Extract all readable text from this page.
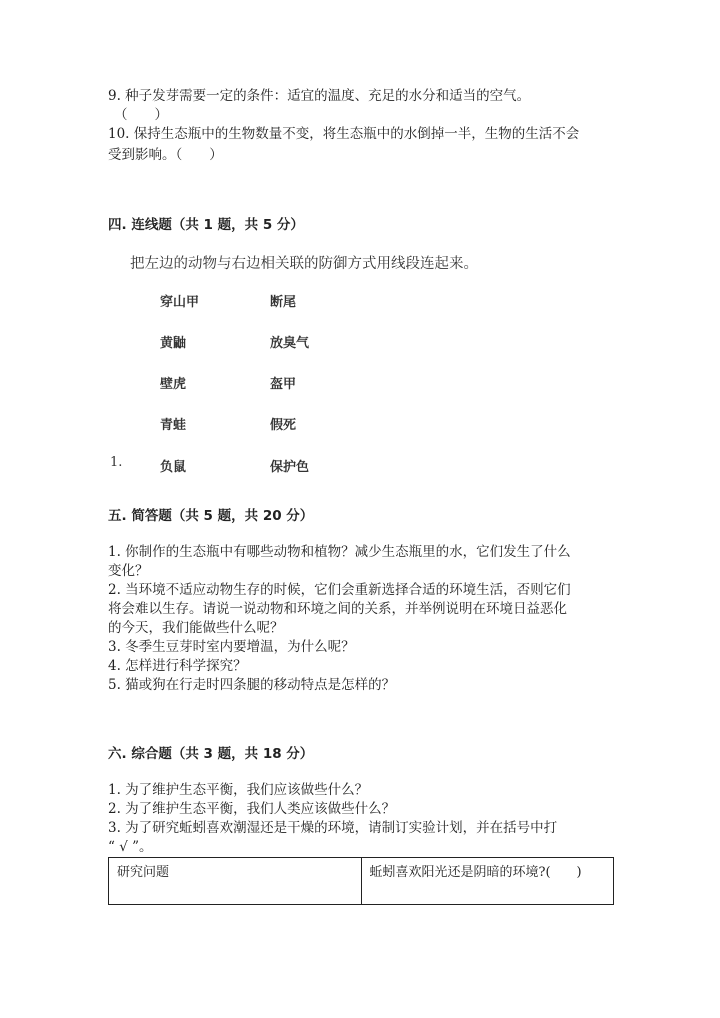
9. 种子发芽需要一定的条件：适宜的温度、充足的水分和适当的空气。
（　　）
10. 保持生态瓶中的生物数量不变，将生态瓶中的水倒掉一半，生物的生活不会
受到影响。（　　）
四. 连线题（共 1 题，共 5 分）
把左边的动物与右边相关联的防御方式用线段连起来。
1.
穿山甲	断尾
黄鼬	放臭气
壁虎	盔甲
青蛙	假死
负鼠	保护色
五. 简答题（共 5 题，共 20 分）
1. 你制作的生态瓶中有哪些动物和植物？减少生态瓶里的水，它们发生了什么
变化？
2. 当环境不适应动物生存的时候，它们会重新选择合适的环境生活，否则它们
将会难以生存。请说一说动物和环境之间的关系，并举例说明在环境日益恶化
的今天，我们能做些什么呢？
3. 冬季生豆芽时室内要增温，为什么呢？
4. 怎样进行科学探究？
5. 猫或狗在行走时四条腿的移动特点是怎样的？
六. 综合题（共 3 题，共 18 分）
1. 为了维护生态平衡，我们应该做些什么？
2. 为了维护生态平衡，我们人类应该做些什么？
3. 为了研究蚯蚓喜欢潮湿还是干燥的环境，请制订实验计划，并在括号中打
“ √ ”。
研究问题	蚯蚓喜欢阳光还是阴暗的环境?(　　)
